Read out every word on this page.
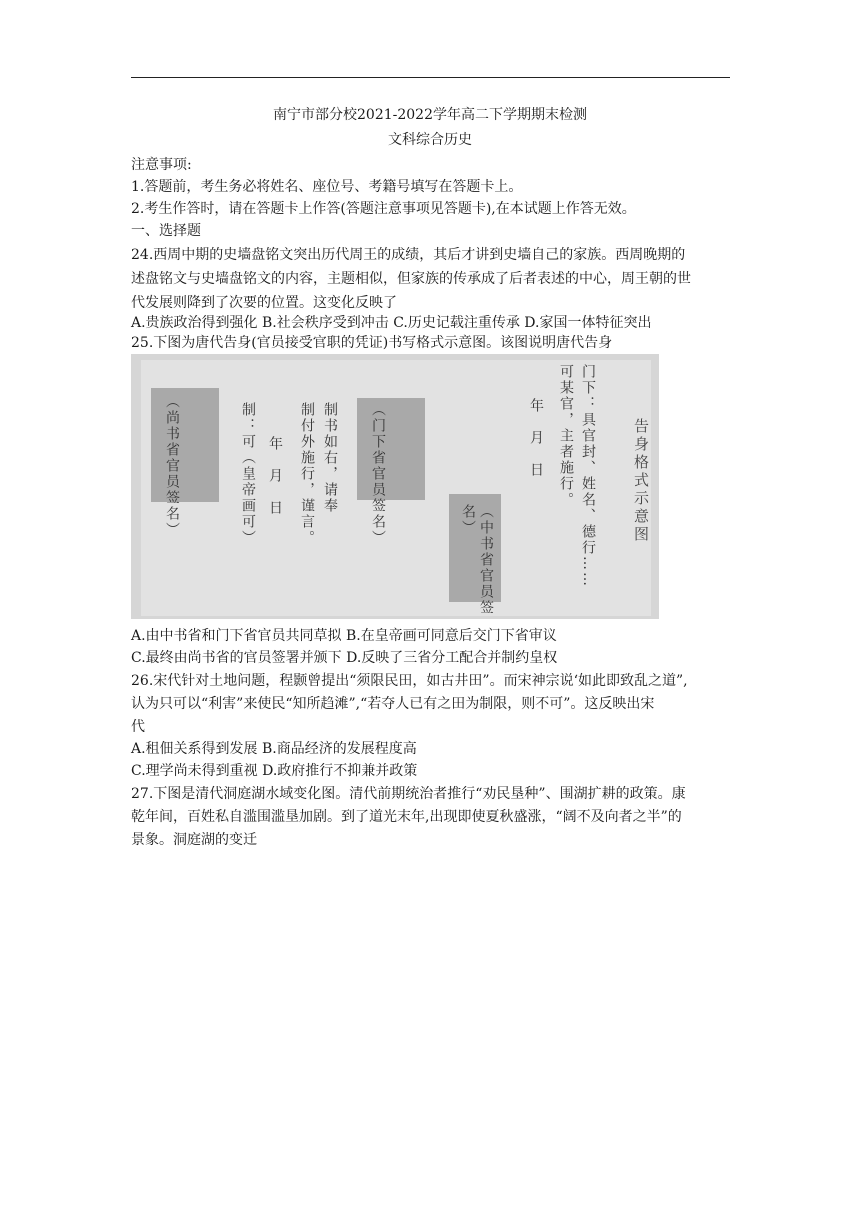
南宁市部分校2021-2022学年高二下学期期末检测
文科综合历史
注意事项:
1.答题前，考生务必将姓名、座位号、考籍号填写在答题卡上。
2.考生作答时，请在答题卡上作答(答题注意事项见答题卡),在本试题上作答无效。
一、选择题
24.西周中期的史墙盘铭文突出历代周王的成绩，其后才讲到史墙自己的家族。西周晚期的
述盘铭文与史墙盘铭文的内容，主题相似，但家族的传承成了后者表述的中心，周王朝的世
代发展则降到了次要的位置。这变化反映了
A.贵族政治得到强化 B.社会秩序受到冲击 C.历史记载注重传承 D.家国一体特征突出
25.下图为唐代告身(官员接受官职的凭证)书写格式示意图。该图说明唐代告身
告身格式示意图
门下：具官封、姓名、德行……
可某官，主者施行。
年　月　日
（中书省官员签名）
（门下省官员签名）
制书如右，请奉
制付外施行，谨言。
年　月　日
制：可（皇帝画可）
（尚书省官员签名）
A.由中书省和门下省官员共同草拟 B.在皇帝画可同意后交门下省审议
C.最终由尚书省的官员签署并颁下 D.反映了三省分工配合并制约皇权
26.宋代针对土地问题，程颢曾提出“须限民田，如古井田”。而宋神宗说‘如此即致乱之道”,
认为只可以“利害”来使民“知所趋滩”,“若夺人已有之田为制限，则不可”。这反映出宋
代
A.租佃关系得到发展 B.商品经济的发展程度高
C.理学尚未得到重视 D.政府推行不抑兼并政策
27.下图是清代洞庭湖水域变化图。清代前期统治者推行“劝民垦种”、围湖扩耕的政策。康
乾年间，百姓私自滥围滥垦加剧。到了道光末年,出现即使夏秋盛涨，“阔不及向者之半”的
景象。洞庭湖的变迁
